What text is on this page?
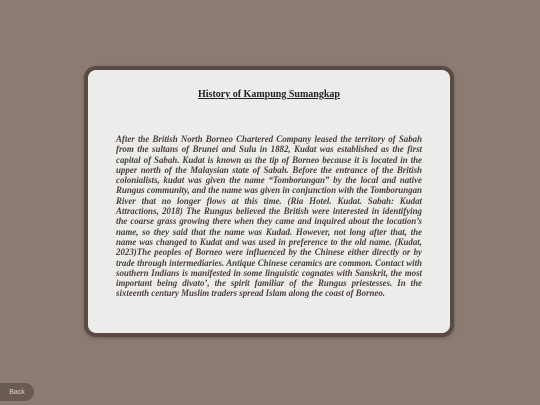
History of Kampung Sumangkap

After the British North Borneo Chartered Company leased the territory of Sabah from the sultans of Brunei and Sulu in 1882, Kudat was established as the first capital of Sabah. Kudat is known as the tip of Borneo because it is located in the upper north of the Malaysian state of Sabah. Before the entrance of the British colonialists, kudat was given the name “Tomborungan” by the local and native Rungus community, and the name was given in conjunction with the Tomborungan River that no longer flows at this time. (Ria Hotel. Kudat. Sabah: Kudat Attractions, 2018) The Rungus believed the British were interested in identifying the coarse grass growing there when they came and inquired about the location’s name, so they said that the name was Kudad. However, not long after that, the name was changed to Kudat and was used in preference to the old name. (Kudat, 2023)The peoples of Borneo were influenced by the Chinese either directly or by trade through intermediaries. Antique Chinese ceramics are common. Contact with southern Indians is manifested in some linguistic cognates with Sanskrit, the most important being divato’, the spirit familiar of the Rungus priestesses. In the sixteenth century Muslim traders spread Islam along the coast of Borneo.

Back
